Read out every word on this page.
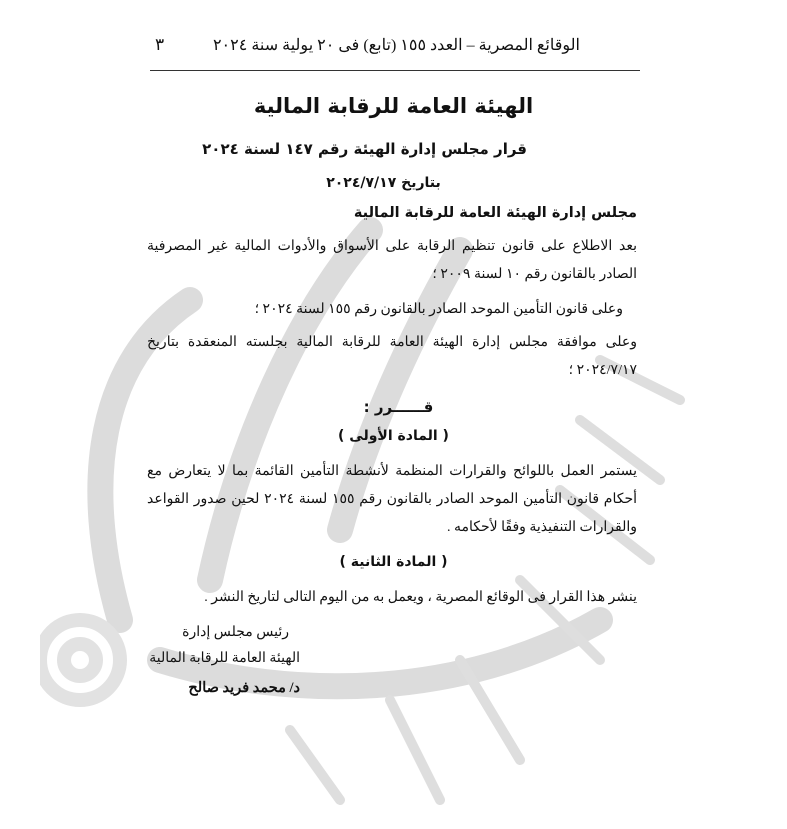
الوقائع المصرية – العدد ١٥٥ (تابع) فى ٢٠ يولية سنة ٢٠٢٤
٣
الهيئة العامة للرقابة المالية
قرار مجلس إدارة الهيئة رقم ١٤٧ لسنة ٢٠٢٤
بتاريخ ٢٠٢٤/٧/١٧
مجلس إدارة الهيئة العامة للرقابة المالية
بعد الاطلاع على قانون تنظيم الرقابة على الأسواق والأدوات المالية غير المصرفية الصادر بالقانون رقم ١٠ لسنة ٢٠٠٩ ؛
وعلى قانون التأمين الموحد الصادر بالقانون رقم ١٥٥ لسنة ٢٠٢٤ ؛
وعلى موافقة مجلس إدارة الهيئة العامة للرقابة المالية بجلسته المنعقدة بتاريخ ٢٠٢٤/٧/١٧ ؛
قــــــرر :
( المادة الأولى )
يستمر العمل باللوائح والقرارات المنظمة لأنشطة التأمين القائمة بما لا يتعارض مع أحكام قانون التأمين الموحد الصادر بالقانون رقم ١٥٥ لسنة ٢٠٢٤ لحين صدور القواعد والقرارات التنفيذية وفقًا لأحكامه .
( المادة الثانية )
ينشر هذا القرار فى الوقائع المصرية ، ويعمل به من اليوم التالى لتاريخ النشر .
رئيس مجلس إدارة
الهيئة العامة للرقابة المالية
د/ محمد فريد صالح
